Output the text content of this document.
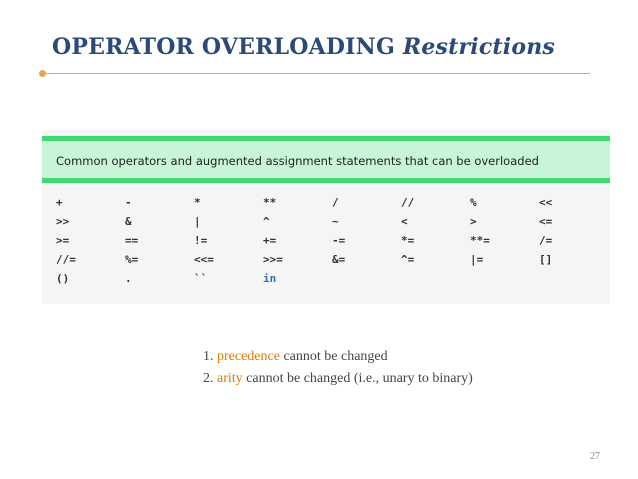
OPERATOR OVERLOADING Restrictions
Common operators and augmented assignment statements that can be overloaded
+	-	*	**	/	//	%	<<
>>	&	|	^	~	<	>	<=
>=	==	!=	+=	-=	*=	**=	/=
//=	%=	<<=	>>=	&=	^=	|=	[]
()	.	``	in
1. precedence cannot be changed
2. arity cannot be changed (i.e., unary to binary)
27
